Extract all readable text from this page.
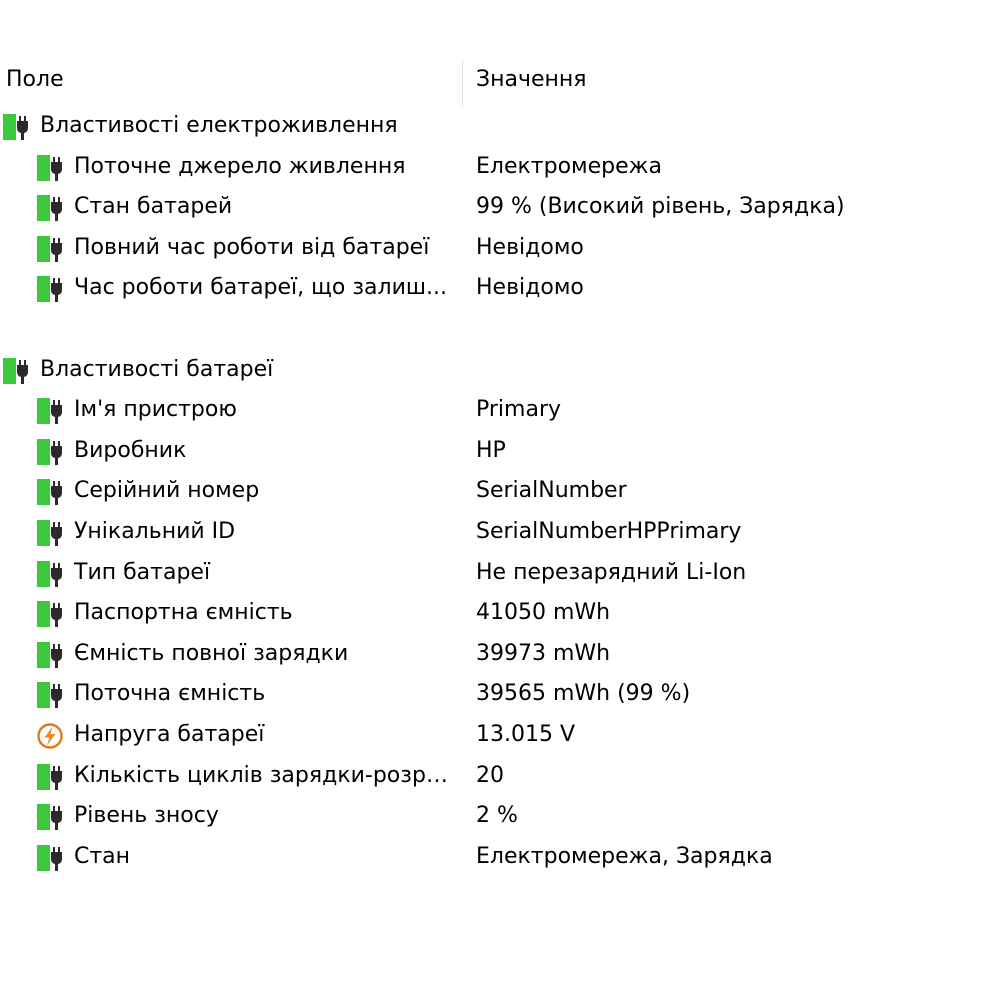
Поле	Значення
Властивості електроживлення
Поточне джерело живлення	Електромережа
Стан батарей	99 % (Високий рівень, Зарядка)
Повний час роботи від батареї	Невідомо
Час роботи батареї, що залиш...	Невідомо
Властивості батареї
Ім'я пристрою	Primary
Виробник	HP
Серійний номер	SerialNumber
Унікальний ID	SerialNumberHPPrimary
Тип батареї	Не перезарядний Li-Ion
Паспортна ємність	41050 mWh
Ємність повної зарядки	39973 mWh
Поточна ємність	39565 mWh (99 %)
Напруга батареї	13.015 V
Кількість циклів зарядки-розря...	20
Рівень зносу	2 %
Стан	Електромережа, Зарядка
